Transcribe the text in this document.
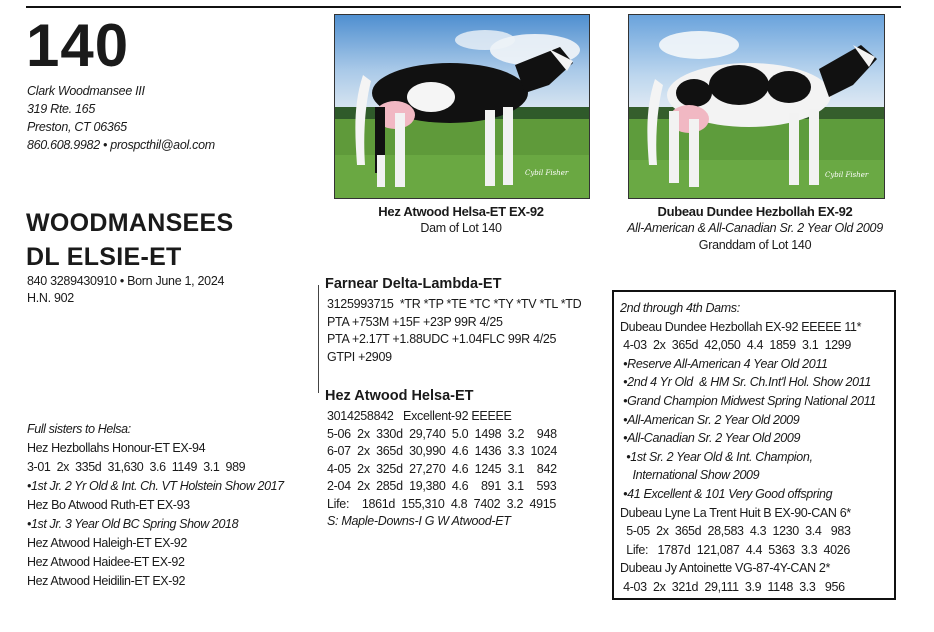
140
Clark Woodmansee III
319 Rte. 165
Preston, CT 06365
860.608.9982 • prospcthil@aol.com
WOODMANSEES
DL ELSIE-ET
840 3289430910 • Born June 1, 2024
H.N. 902
Cybil Fisher
Hez Atwood Helsa-ET EX-92
Dam of Lot 140
Cybil Fisher
Dubeau Dundee Hezbollah EX-92
All-American & All-Canadian Sr. 2 Year Old 2009
Granddam of Lot 140
Farnear Delta-Lambda-ET
3125993715  *TR *TP *TE *TC *TY *TV *TL *TD
PTA +753M +15F +23P 99R 4/25
PTA +2.17T +1.88UDC +1.04FLC 99R 4/25
GTPI +2909
Hez Atwood Helsa-ET
3014258842   Excellent-92 EEEEE
5-06  2x  330d  29,740  5.0  1498  3.2    948
6-07  2x  365d  30,990  4.6  1436  3.3  1024
4-05  2x  325d  27,270  4.6  1245  3.1    842
2-04  2x  285d  19,380  4.6    891  3.1    593
Life:    1861d  155,310  4.8  7402  3.2  4915
S: Maple-Downs-I G W Atwood-ET
Full sisters to Helsa:
Hez Hezbollahs Honour-ET EX-94
3-01  2x  335d  31,630  3.6  1149  3.1  989
•1st Jr. 2 Yr Old & Int. Ch. VT Holstein Show 2017
Hez Bo Atwood Ruth-ET EX-93
•1st Jr. 3 Year Old BC Spring Show 2018
Hez Atwood Haleigh-ET EX-92
Hez Atwood Haidee-ET EX-92
Hez Atwood Heidilin-ET EX-92
2nd through 4th Dams:
Dubeau Dundee Hezbollah EX-92 EEEEE 11*
4-03  2x  365d  42,050  4.4  1859  3.1  1299
•Reserve All-American 4 Year Old 2011
•2nd 4 Yr Old  & HM Sr. Ch.Int'l Hol. Show 2011
•Grand Champion Midwest Spring National 2011
•All-American Sr. 2 Year Old 2009
•All-Canadian Sr. 2 Year Old 2009
•1st Sr. 2 Year Old & Int. Champion,
International Show 2009
•41 Excellent & 101 Very Good offspring
Dubeau Lyne La Trent Huit B EX-90-CAN 6*
5-05  2x  365d  28,583  4.3  1230  3.4   983
Life:   1787d  121,087  4.4  5363  3.3  4026
Dubeau Jy Antoinette VG-87-4Y-CAN 2*
4-03  2x  321d  29,111  3.9  1148  3.3   956
